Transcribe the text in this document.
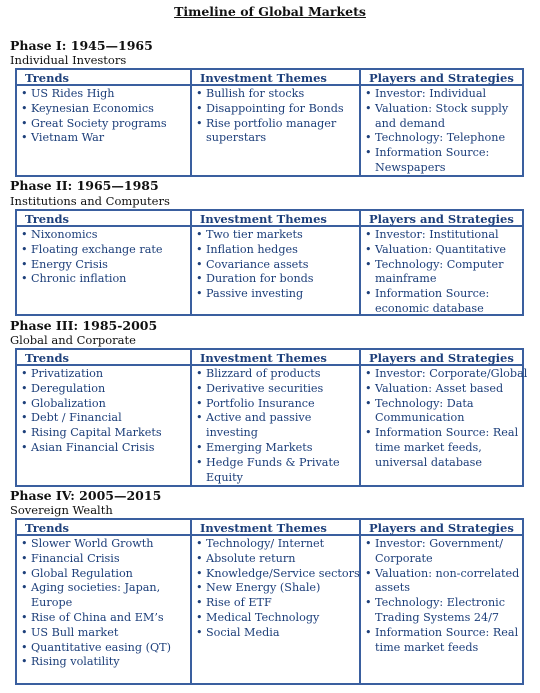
Timeline of Global Markets
Phase I: 1945—1965
Individual Investors
Trends
• US Rides High
• Keynesian Economics
• Great Society programs
• Vietnam War
Investment Themes
• Bullish for stocks
• Disappointing for Bonds
• Rise portfolio manager
superstars
Players and Strategies
• Investor: Individual
• Valuation: Stock supply
and demand
• Technology: Telephone
• Information Source:
Newspapers
Phase II: 1965—1985
Institutions and Computers
Trends
• Nixonomics
• Floating exchange rate
• Energy Crisis
• Chronic inflation
Investment Themes
• Two tier markets
• Inflation hedges
• Covariance assets
• Duration for bonds
• Passive investing
Players and Strategies
• Investor: Institutional
• Valuation: Quantitative
• Technology: Computer
mainframe
• Information Source:
economic database
Phase III: 1985-2005
Global and Corporate
Trends
• Privatization
• Deregulation
• Globalization
• Debt / Financial
• Rising Capital Markets
• Asian Financial Crisis
Investment Themes
• Blizzard of products
• Derivative securities
• Portfolio Insurance
• Active and passive
investing
• Emerging Markets
• Hedge Funds & Private
Equity
Players and Strategies
• Investor: Corporate/Global
• Valuation: Asset based
• Technology: Data
Communication
• Information Source: Real
time market feeds,
universal database
Phase IV: 2005—2015
Sovereign Wealth
Trends
• Slower World Growth
• Financial Crisis
• Global Regulation
• Aging societies: Japan,
Europe
• Rise of China and EM’s
• US Bull market
• Quantitative easing (QT)
• Rising volatility
Investment Themes
• Technology/ Internet
• Absolute return
• Knowledge/Service sectors
• New Energy (Shale)
• Rise of ETF
• Medical Technology
• Social Media
Players and Strategies
• Investor: Government/
Corporate
• Valuation: non-correlated
assets
• Technology: Electronic
Trading Systems 24/7
• Information Source: Real
time market feeds
